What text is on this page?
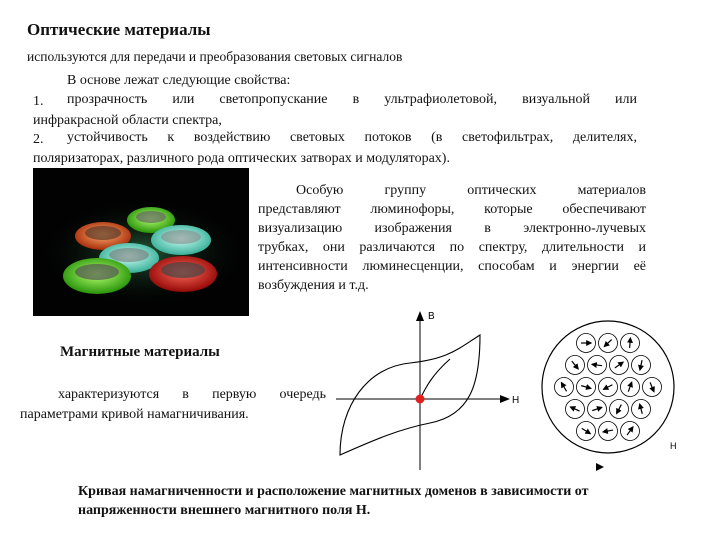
Оптические материалы
используются для передачи и преобразования световых сигналов
В основе лежат следующие свойства:
1. прозрачность или светопропускание в ультрафиолетовой, визуальной или
инфракрасной области спектра,
2. устойчивость к воздействию световых потоков (в светофильтрах, делителях,
поляризаторах, различного рода оптических затворах и модуляторах).
Особую группу оптических материалов
представляют люминофоры, которые обеспечивают
визуализацию изображения в электронно-лучевых
трубках, они различаются по спектру, длительности и
интенсивности люминесценции, способам и энергии её
возбуждения и т.д.
Магнитные материалы
характеризуются в первую очередь
параметрами кривой намагничивания.
B
H
H
Кривая намагниченности и расположение магнитных доменов в зависимости от
напряженности внешнего магнитного поля H.
